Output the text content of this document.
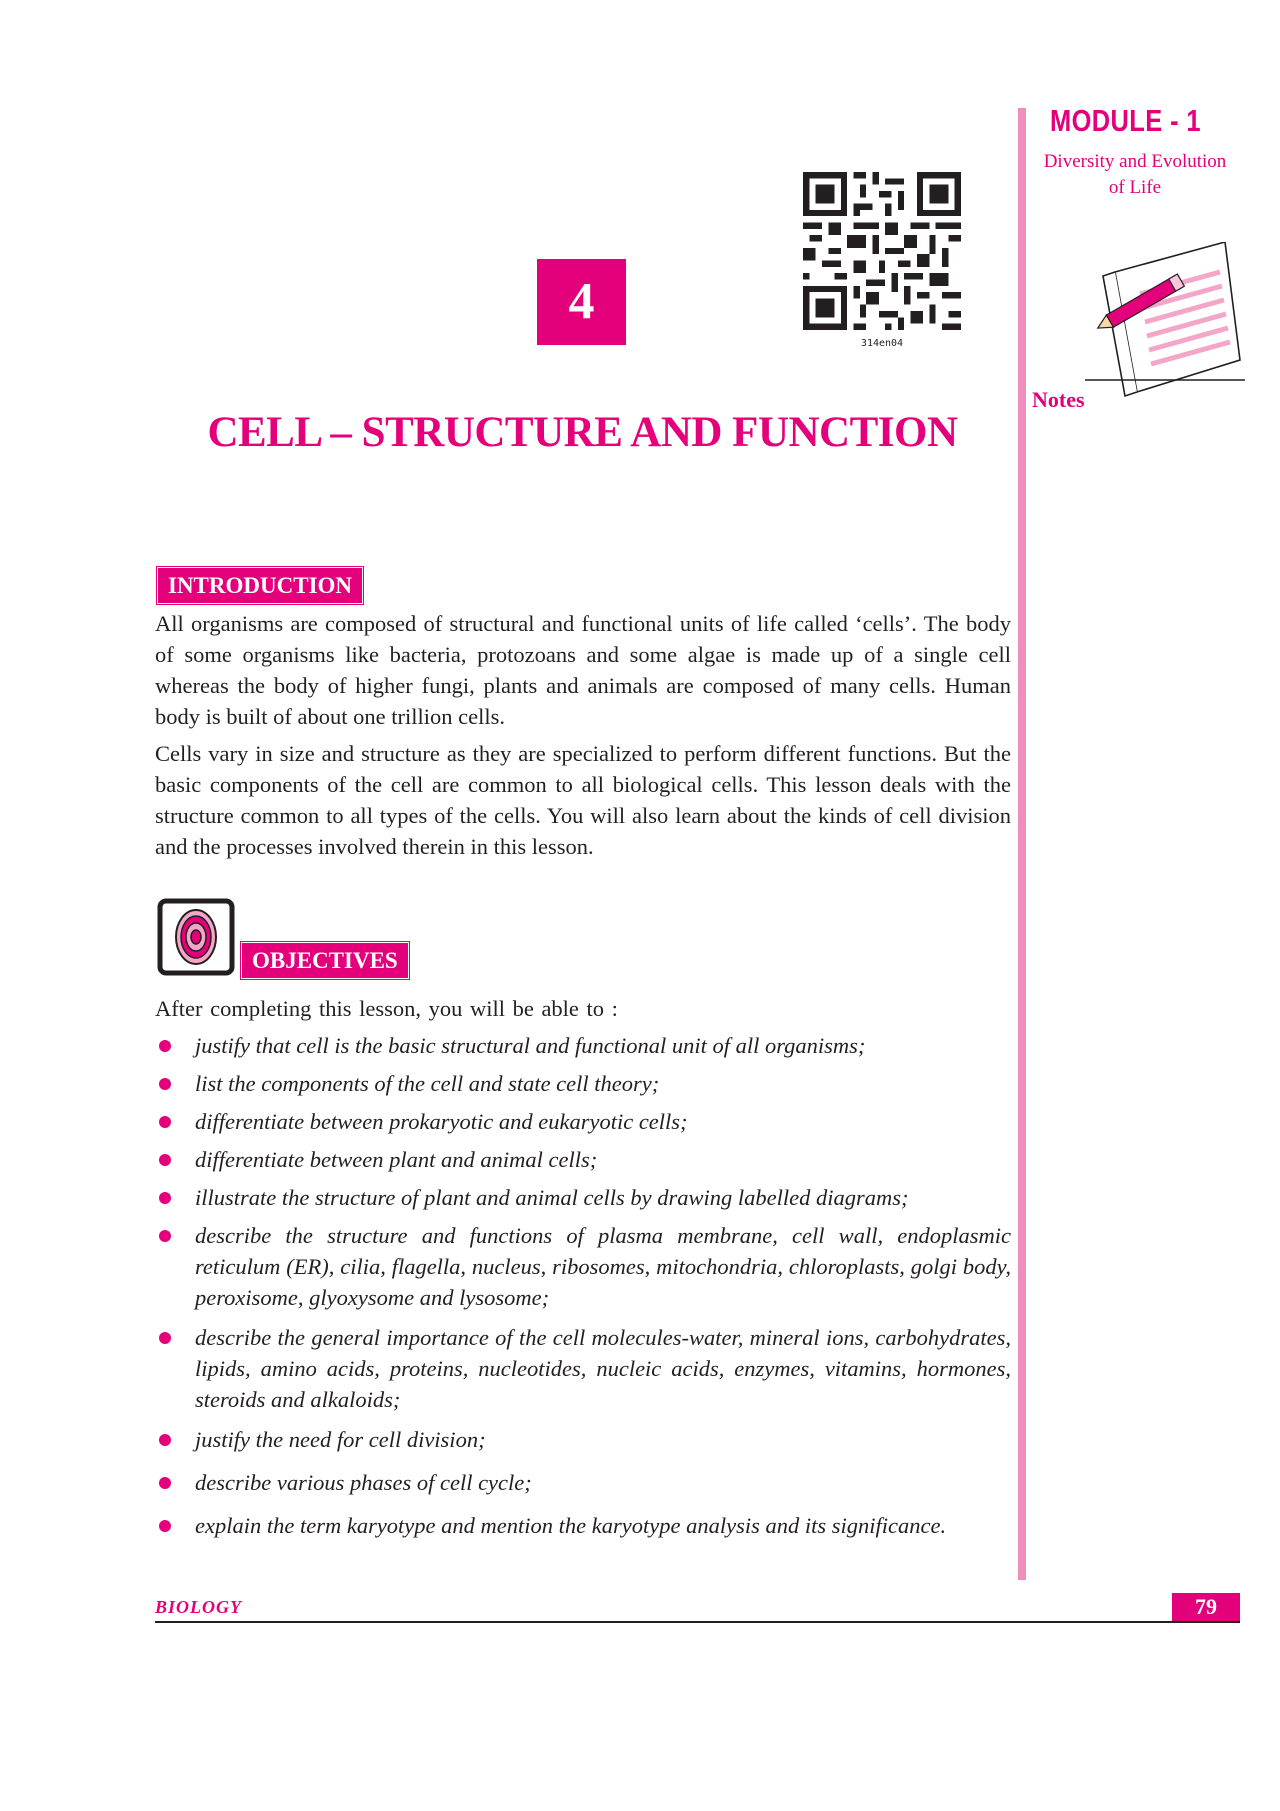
MODULE - 1
Diversity and Evolution
of Life
Notes
4
314en04
CELL – STRUCTURE AND FUNCTION
INTRODUCTION

All organisms are composed of structural and functional units of life called ‘cells’. The body of some organisms like bacteria, protozoans and some algae is made up of a single cell whereas the body of higher fungi, plants and animals are composed of many cells. Human body is built of about one trillion cells.

Cells vary in size and structure as they are specialized to perform different functions. But the basic components of the cell are common to all biological cells. This lesson deals with the structure common to all types of the cells. You will also learn about the kinds of cell division and the processes involved therein in this lesson.

OBJECTIVES
After completing this lesson, you will be able to :
justify that cell is the basic structural and functional unit of all organisms;
list the components of the cell and state cell theory;
differentiate between prokaryotic and eukaryotic cells;
differentiate between plant and animal cells;
illustrate the structure of plant and animal cells by drawing labelled diagrams;
describe the structure and functions of plasma membrane, cell wall, endoplasmic reticulum (ER), cilia, flagella, nucleus, ribosomes, mitochondria, chloroplasts, golgi body, peroxisome, glyoxysome and lysosome;
describe the general importance of the cell molecules-water, mineral ions, carbohydrates, lipids, amino acids, proteins, nucleotides, nucleic acids, enzymes, vitamins, hormones, steroids and alkaloids;
justify the need for cell division;
describe various phases of cell cycle;
explain the term karyotype and mention the karyotype analysis and its significance.
BIOLOGY	79
